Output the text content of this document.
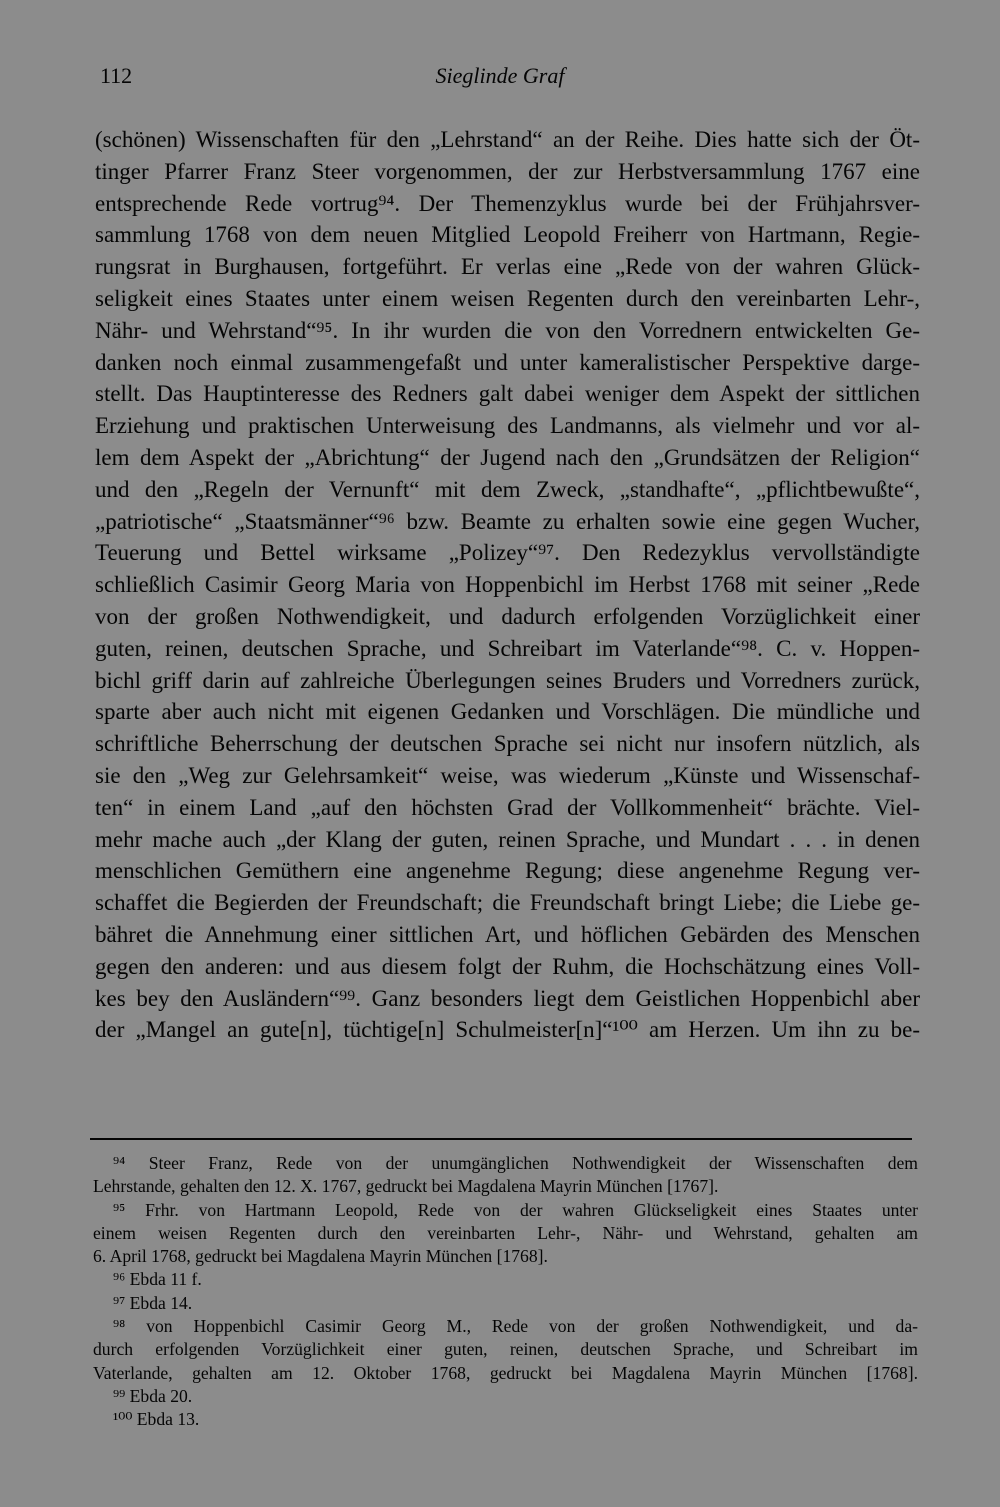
112	Sieglinde Graf
(schönen) Wissenschaften für den „Lehrstand“ an der Reihe. Dies hatte sich der Öt-
tinger Pfarrer Franz Steer vorgenommen, der zur Herbstversammlung 1767 eine
entsprechende Rede vortrug⁹⁴. Der Themenzyklus wurde bei der Frühjahrsver-
sammlung 1768 von dem neuen Mitglied Leopold Freiherr von Hartmann, Regie-
rungsrat in Burghausen, fortgeführt. Er verlas eine „Rede von der wahren Glück-
seligkeit eines Staates unter einem weisen Regenten durch den vereinbarten Lehr-,
Nähr- und Wehrstand“⁹⁵. In ihr wurden die von den Vorrednern entwickelten Ge-
danken noch einmal zusammengefaßt und unter kameralistischer Perspektive darge-
stellt. Das Hauptinteresse des Redners galt dabei weniger dem Aspekt der sittlichen
Erziehung und praktischen Unterweisung des Landmanns, als vielmehr und vor al-
lem dem Aspekt der „Abrichtung“ der Jugend nach den „Grundsätzen der Religion“
und den „Regeln der Vernunft“ mit dem Zweck, „standhafte“, „pflichtbewußte“,
„patriotische“ „Staatsmänner“⁹⁶ bzw. Beamte zu erhalten sowie eine gegen Wucher,
Teuerung und Bettel wirksame „Polizey“⁹⁷. Den Redezyklus vervollständigte
schließlich Casimir Georg Maria von Hoppenbichl im Herbst 1768 mit seiner „Rede
von der großen Nothwendigkeit, und dadurch erfolgenden Vorzüglichkeit einer
guten, reinen, deutschen Sprache, und Schreibart im Vaterlande“⁹⁸. C. v. Hoppen-
bichl griff darin auf zahlreiche Überlegungen seines Bruders und Vorredners zurück,
sparte aber auch nicht mit eigenen Gedanken und Vorschlägen. Die mündliche und
schriftliche Beherrschung der deutschen Sprache sei nicht nur insofern nützlich, als
sie den „Weg zur Gelehrsamkeit“ weise, was wiederum „Künste und Wissenschaf-
ten“ in einem Land „auf den höchsten Grad der Vollkommenheit“ brächte. Viel-
mehr mache auch „der Klang der guten, reinen Sprache, und Mundart . . . in denen
menschlichen Gemüthern eine angenehme Regung; diese angenehme Regung ver-
schaffet die Begierden der Freundschaft; die Freundschaft bringt Liebe; die Liebe ge-
bähret die Annehmung einer sittlichen Art, und höflichen Gebärden des Menschen
gegen den anderen: und aus diesem folgt der Ruhm, die Hochschätzung eines Voll-
kes bey den Ausländern“⁹⁹. Ganz besonders liegt dem Geistlichen Hoppenbichl aber
der „Mangel an gute[n], tüchtige[n] Schulmeister[n]“¹⁰⁰ am Herzen. Um ihn zu be-
⁹⁴ Steer Franz, Rede von der unumgänglichen Nothwendigkeit der Wissenschaften dem
Lehrstande, gehalten den 12. X. 1767, gedruckt bei Magdalena Mayrin München [1767].
⁹⁵ Frhr. von Hartmann Leopold, Rede von der wahren Glückseligkeit eines Staates unter
einem weisen Regenten durch den vereinbarten Lehr-, Nähr- und Wehrstand, gehalten am
6. April 1768, gedruckt bei Magdalena Mayrin München [1768].
⁹⁶ Ebda 11 f.
⁹⁷ Ebda 14.
⁹⁸ von Hoppenbichl Casimir Georg M., Rede von der großen Nothwendigkeit, und da-
durch erfolgenden Vorzüglichkeit einer guten, reinen, deutschen Sprache, und Schreibart im
Vaterlande, gehalten am 12. Oktober 1768, gedruckt bei Magdalena Mayrin München [1768].
⁹⁹ Ebda 20.
¹⁰⁰ Ebda 13.
